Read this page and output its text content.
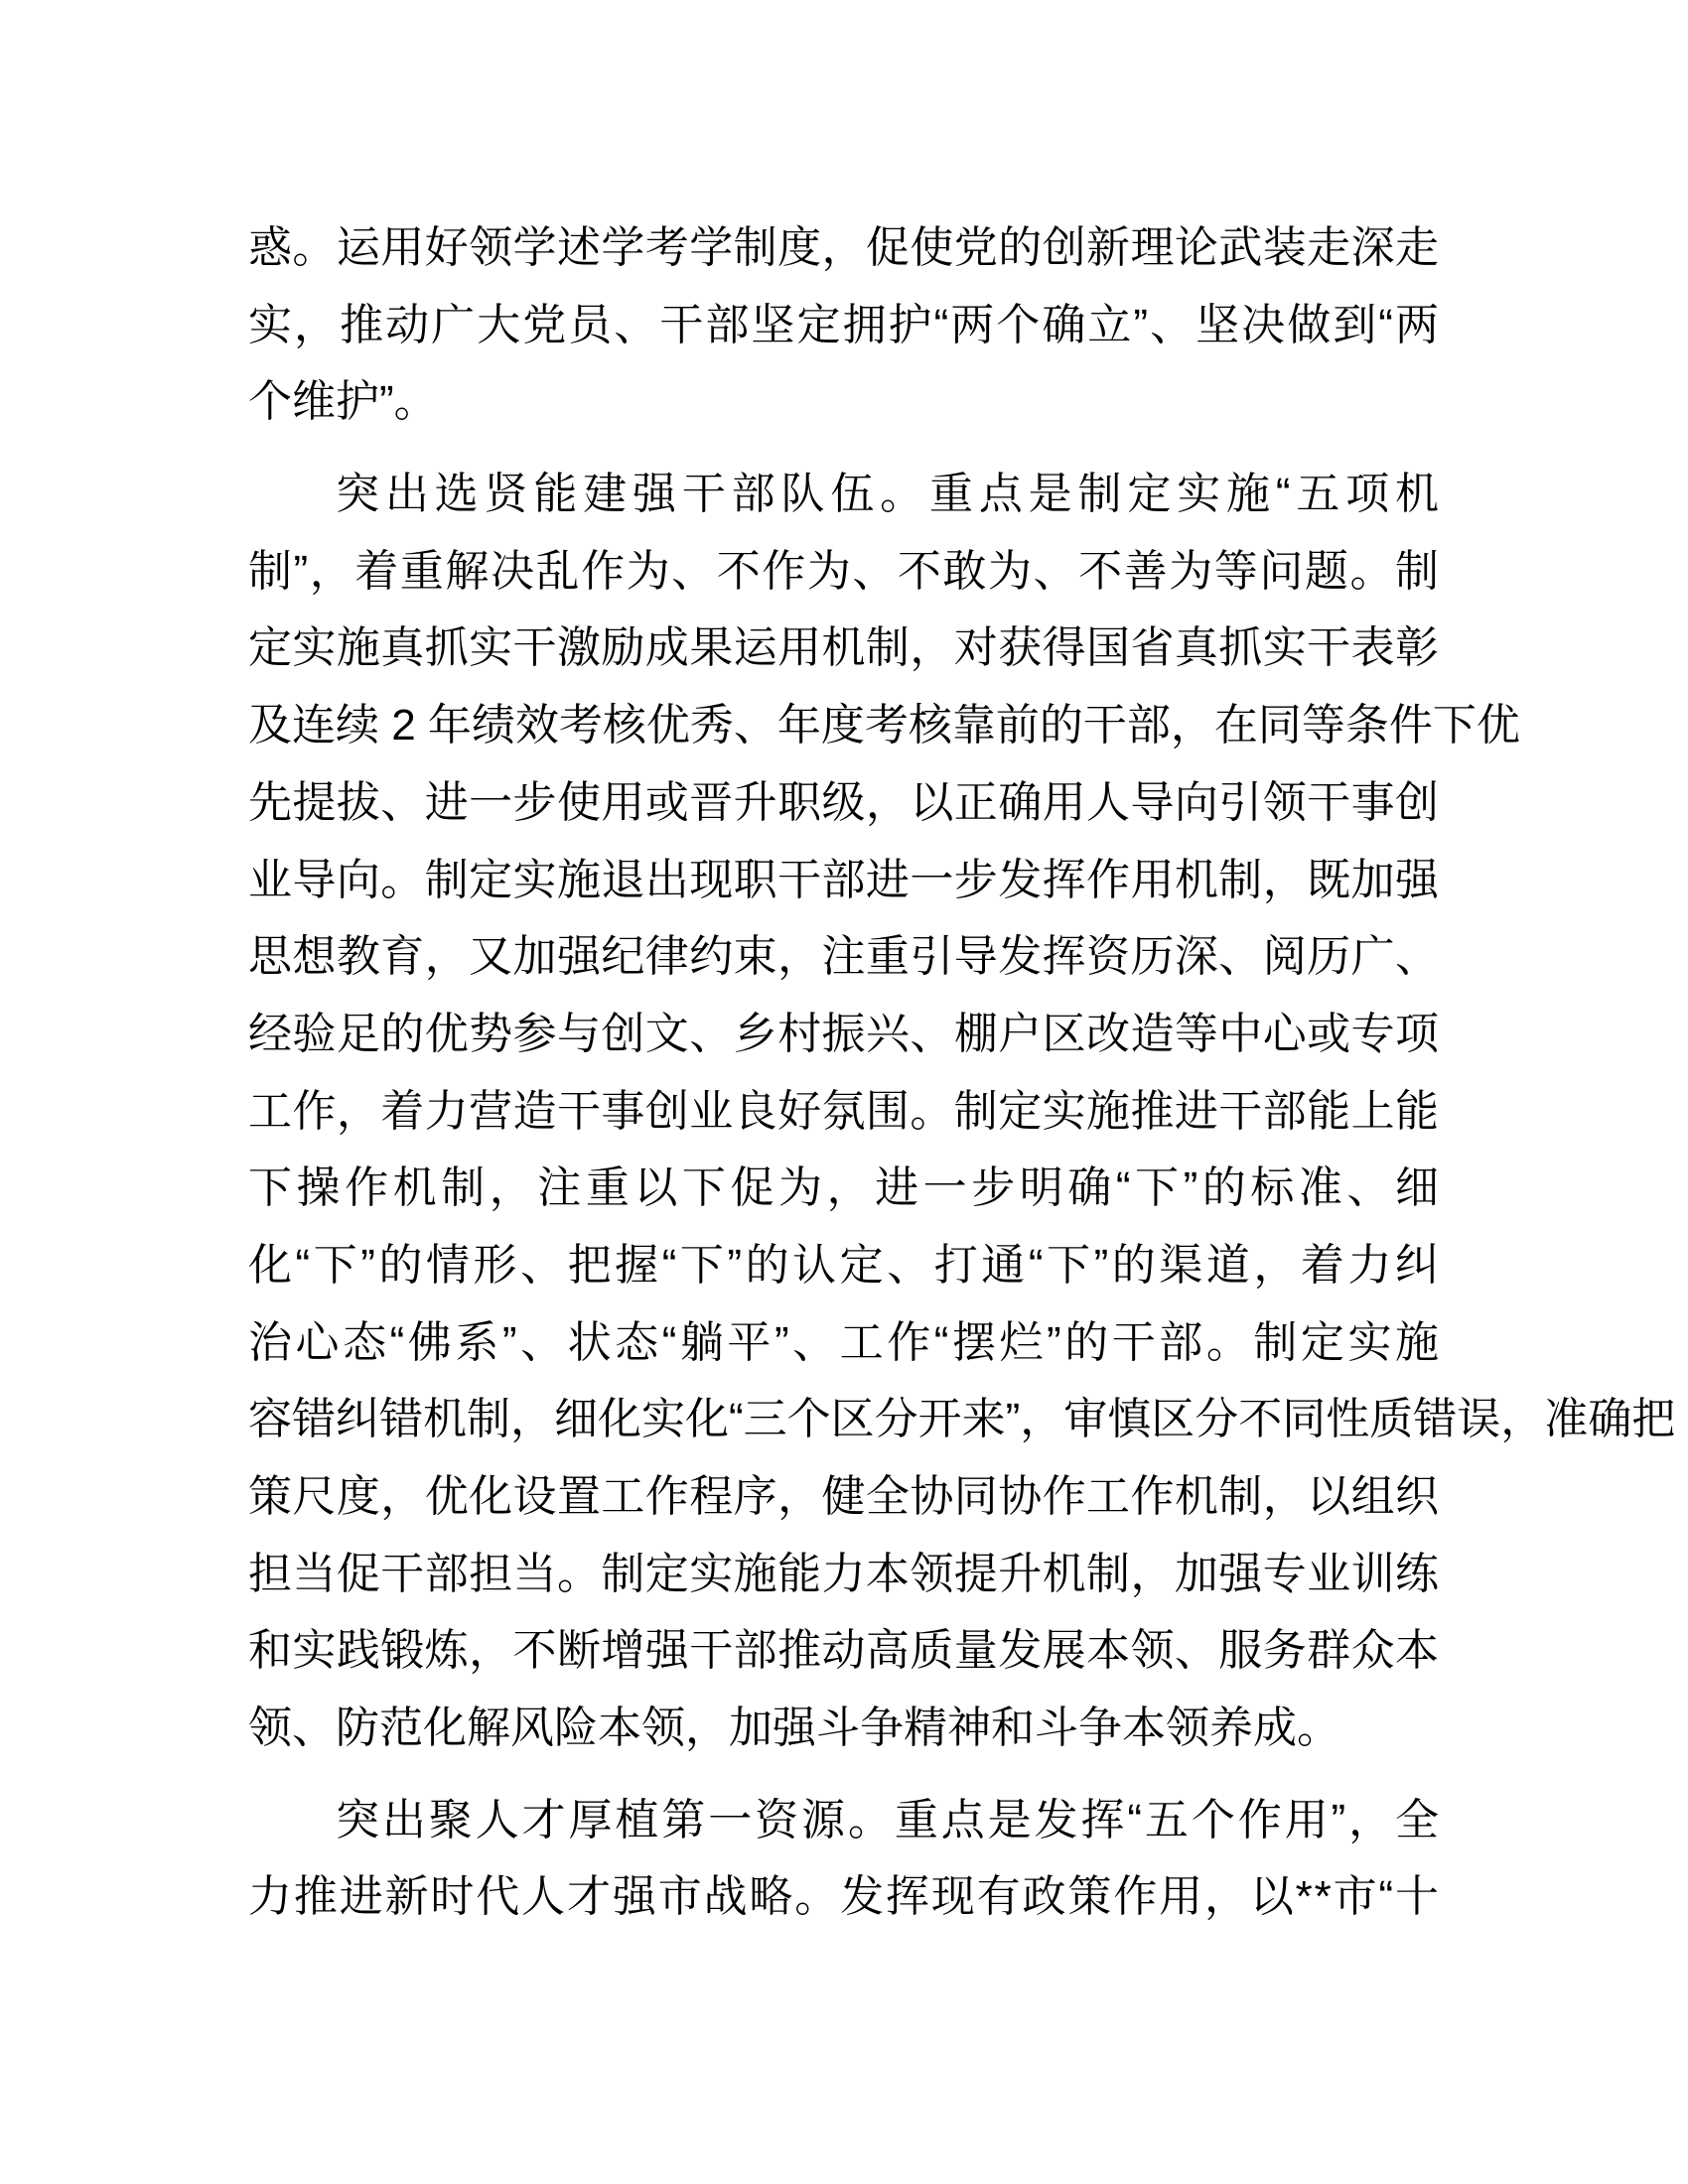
惑。运用好领学述学考学制度，促使党的创新理论武装走深走
实，推动广大党员、干部坚定拥护“两个确立”、坚决做到“两
个维护”。
突出选贤能建强干部队伍。重点是制定实施“五项机
制”，着重解决乱作为、不作为、不敢为、不善为等问题。制
定实施真抓实干激励成果运用机制，对获得国省真抓实干表彰
及连续 2 年绩效考核优秀、年度考核靠前的干部，在同等条件下优
先提拔、进一步使用或晋升职级，以正确用人导向引领干事创
业导向。制定实施退出现职干部进一步发挥作用机制，既加强
思想教育，又加强纪律约束，注重引导发挥资历深、阅历广、
经验足的优势参与创文、乡村振兴、棚户区改造等中心或专项
工作，着力营造干事创业良好氛围。制定实施推进干部能上能
下操作机制，注重以下促为，进一步明确“下”的标准、细
化“下”的情形、把握“下”的认定、打通“下”的渠道，着力纠
治心态“佛系”、状态“躺平”、工作“摆烂”的干部。制定实施
容错纠错机制，细化实化“三个区分开来”，审慎区分不同性质错误，准确把
策尺度，优化设置工作程序，健全协同协作工作机制，以组织
担当促干部担当。制定实施能力本领提升机制，加强专业训练
和实践锻炼，不断增强干部推动高质量发展本领、服务群众本
领、防范化解风险本领，加强斗争精神和斗争本领养成。
突出聚人才厚植第一资源。重点是发挥“五个作用”，全
力推进新时代人才强市战略。发挥现有政策作用，以**市“十
